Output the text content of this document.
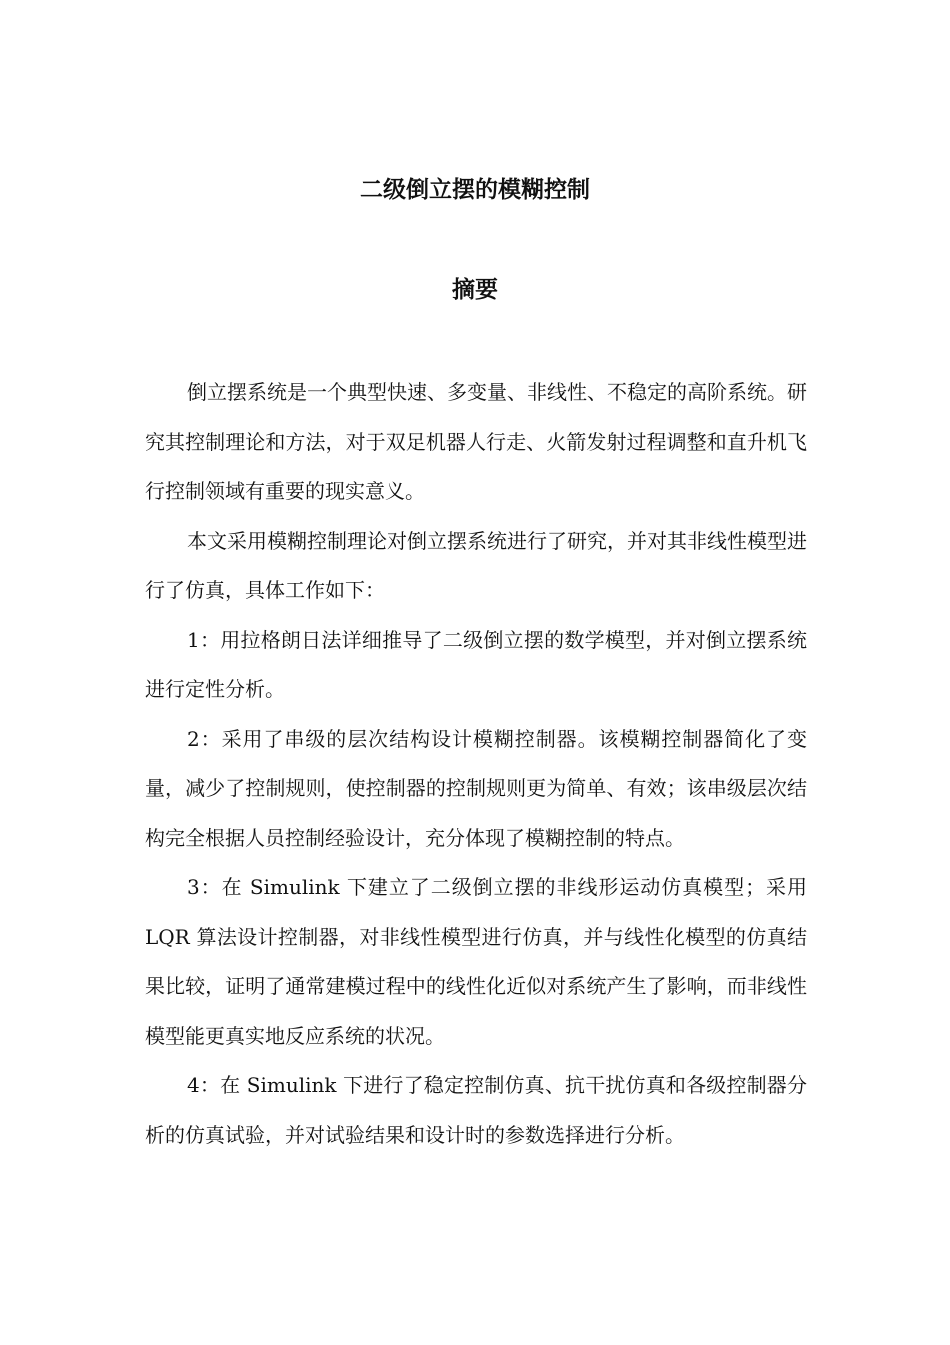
二级倒立摆的模糊控制
摘要

倒立摆系统是一个典型快速、多变量、非线性、不稳定的高阶系统。研究其控制理论和方法，对于双足机器人行走、火箭发射过程调整和直升机飞行控制领域有重要的现实意义。

本文采用模糊控制理论对倒立摆系统进行了研究，并对其非线性模型进行了仿真，具体工作如下：

1：用拉格朗日法详细推导了二级倒立摆的数学模型，并对倒立摆系统进行定性分析。

2：采用了串级的层次结构设计模糊控制器。该模糊控制器简化了变量，减少了控制规则，使控制器的控制规则更为简单、有效；该串级层次结构完全根据人员控制经验设计，充分体现了模糊控制的特点。

3：在 Simulink 下建立了二级倒立摆的非线形运动仿真模型；采用 LQR 算法设计控制器，对非线性模型进行仿真，并与线性化模型的仿真结果比较，证明了通常建模过程中的线性化近似对系统产生了影响，而非线性模型能更真实地反应系统的状况。

4：在 Simulink 下进行了稳定控制仿真、抗干扰仿真和各级控制器分析的仿真试验，并对试验结果和设计时的参数选择进行分析。
